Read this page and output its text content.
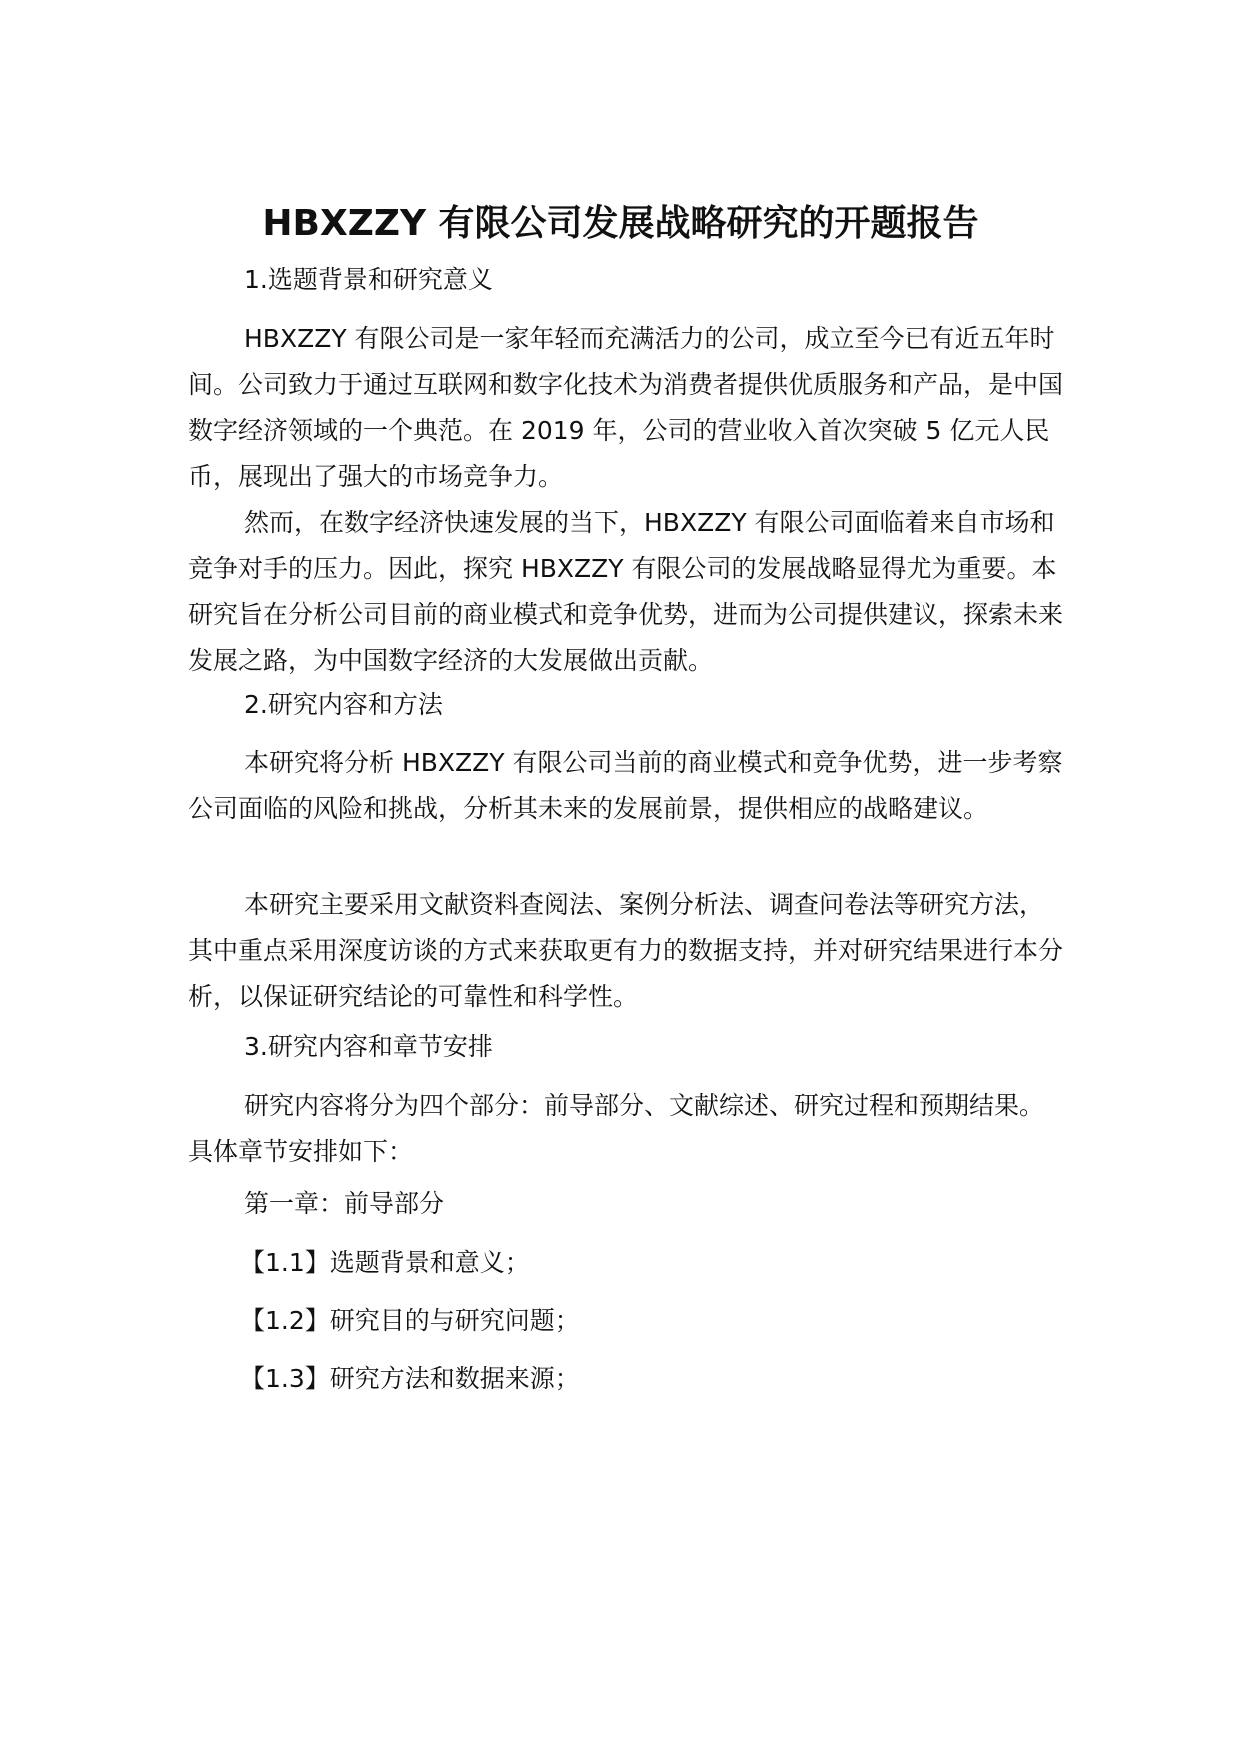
HBXZZY 有限公司发展战略研究的开题报告

1.选题背景和研究意义

HBXZZY 有限公司是一家年轻而充满活力的公司，成立至今已有近五年时间。公司致力于通过互联网和数字化技术为消费者提供优质服务和产品，是中国数字经济领域的一个典范。在 2019 年，公司的营业收入首次突破 5 亿元人民币，展现出了强大的市场竞争力。

然而，在数字经济快速发展的当下，HBXZZY 有限公司面临着来自市场和竞争对手的压力。因此，探究 HBXZZY 有限公司的发展战略显得尤为重要。本研究旨在分析公司目前的商业模式和竞争优势，进而为公司提供建议，探索未来发展之路，为中国数字经济的大发展做出贡献。

2.研究内容和方法

本研究将分析 HBXZZY 有限公司当前的商业模式和竞争优势，进一步考察公司面临的风险和挑战，分析其未来的发展前景，提供相应的战略建议。

本研究主要采用文献资料查阅法、案例分析法、调查问卷法等研究方法，其中重点采用深度访谈的方式来获取更有力的数据支持，并对研究结果进行本分析，以保证研究结论的可靠性和科学性。

3.研究内容和章节安排

研究内容将分为四个部分：前导部分、文献综述、研究过程和预期结果。具体章节安排如下：

第一章：前导部分

【1.1】选题背景和意义；

【1.2】研究目的与研究问题；

【1.3】研究方法和数据来源；
